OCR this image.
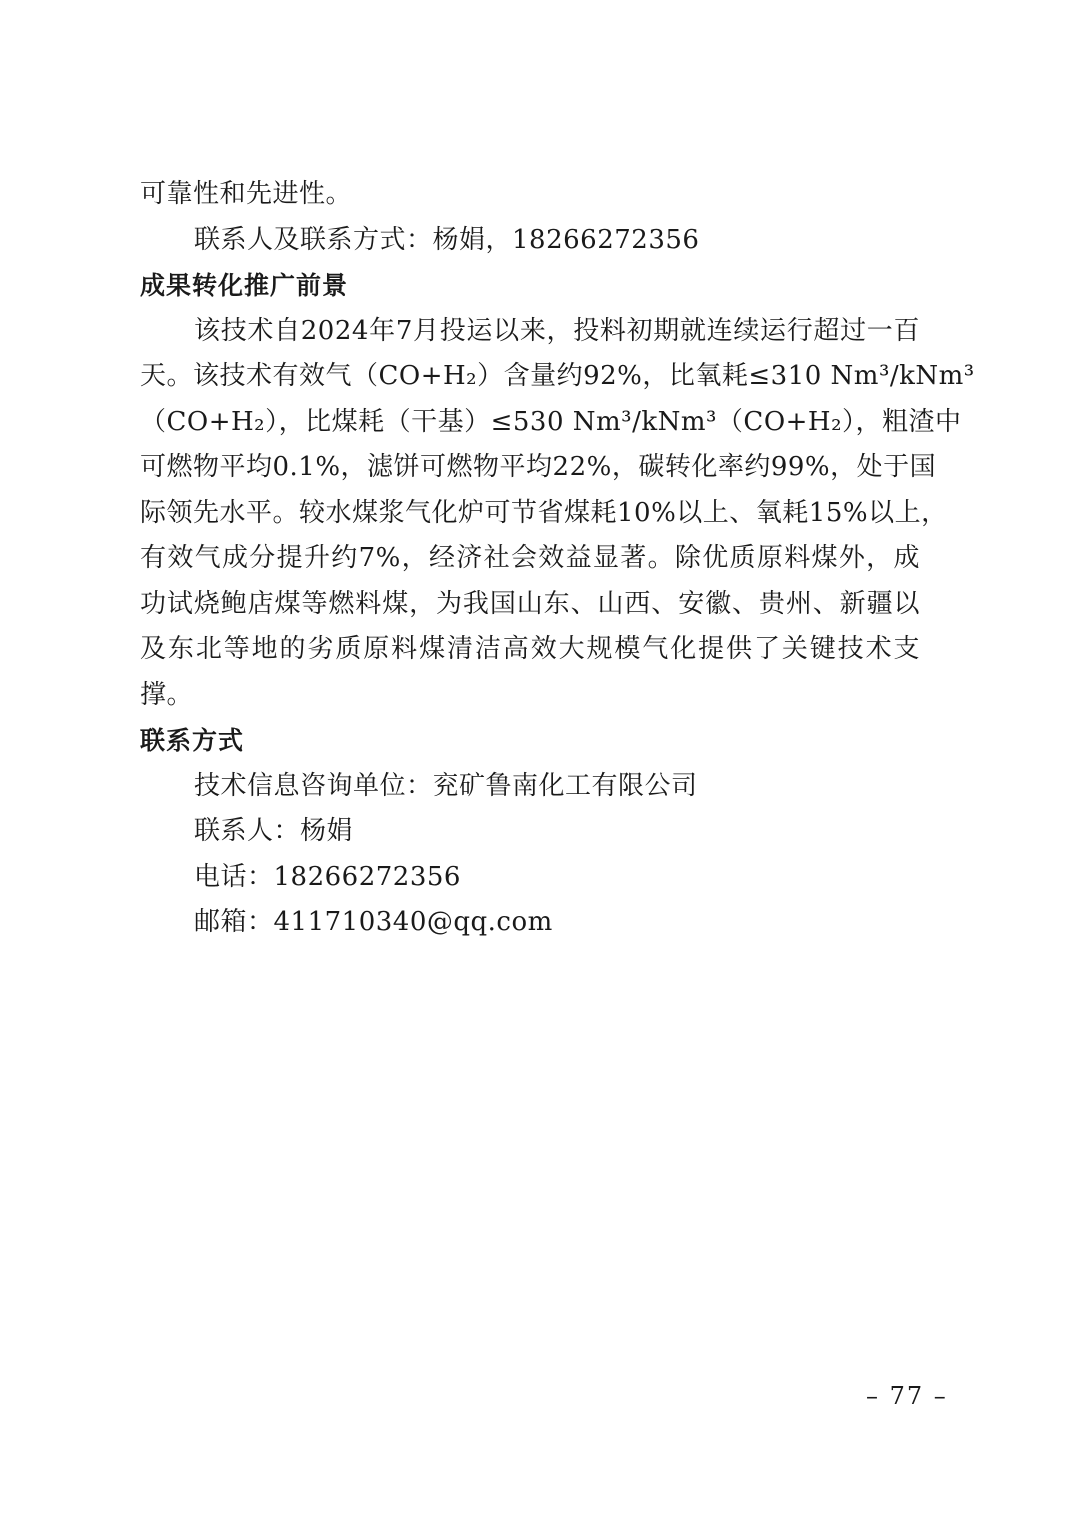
可靠性和先进性。
联系人及联系方式：杨娟，18266272356
成果转化推广前景
该技术自2024年7月投运以来，投料初期就连续运行超过一百
天。该技术有效气（CO+H₂）含量约92%，比氧耗≤310 Nm³/kNm³
（CO+H₂），比煤耗（干基）≤530 Nm³/kNm³（CO+H₂），粗渣中
可燃物平均0.1%，滤饼可燃物平均22%，碳转化率约99%，处于国
际领先水平。较水煤浆气化炉可节省煤耗10%以上、氧耗15%以上，
有效气成分提升约7%，经济社会效益显著。除优质原料煤外，成
功试烧鲍店煤等燃料煤，为我国山东、山西、安徽、贵州、新疆以
及东北等地的劣质原料煤清洁高效大规模气化提供了关键技术支
撑。
联系方式
技术信息咨询单位：兖矿鲁南化工有限公司
联系人：杨娟
电话：18266272356
邮箱：411710340@qq.com
– 77 –
